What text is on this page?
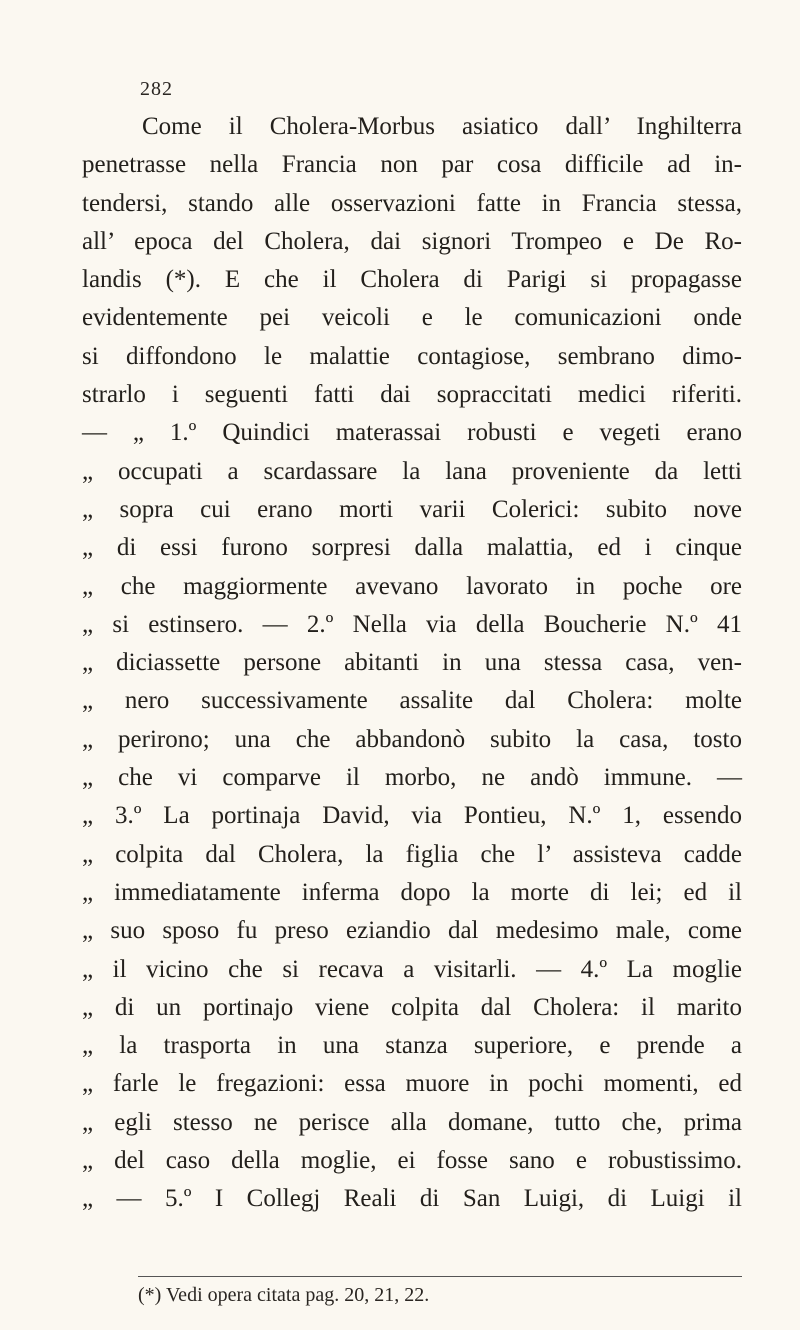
282
Come il Cholera-Morbus asiatico dall’ Inghilterra
penetrasse nella Francia non par cosa difficile ad in-
tendersi, stando alle osservazioni fatte in Francia stessa,
all’ epoca del Cholera, dai signori Trompeo e De Ro-
landis (*). E che il Cholera di Parigi si propagasse
evidentemente pei veicoli e le comunicazioni onde
si diffondono le malattie contagiose, sembrano dimo-
strarlo i seguenti fatti dai sopraccitati medici riferiti.
— „ 1.º Quindici materassai robusti e vegeti erano
„ occupati a scardassare la lana proveniente da letti
„ sopra cui erano morti varii Colerici: subito nove
„ di essi furono sorpresi dalla malattia, ed i cinque
„ che maggiormente avevano lavorato in poche ore
„ si estinsero. — 2.º Nella via della Boucherie N.º 41
„ diciassette persone abitanti in una stessa casa, ven-
„ nero successivamente assalite dal Cholera: molte
„ perirono; una che abbandonò subito la casa, tosto
„ che vi comparve il morbo, ne andò immune. —
„ 3.º La portinaja David, via Pontieu, N.º 1, essendo
„ colpita dal Cholera, la figlia che l’ assisteva cadde
„ immediatamente inferma dopo la morte di lei; ed il
„ suo sposo fu preso eziandio dal medesimo male, come
„ il vicino che si recava a visitarli. — 4.º La moglie
„ di un portinajo viene colpita dal Cholera: il marito
„ la trasporta in una stanza superiore, e prende a
„ farle le fregazioni: essa muore in pochi momenti, ed
„ egli stesso ne perisce alla domane, tutto che, prima
„ del caso della moglie, ei fosse sano e robustissimo.
„ — 5.º I Collegj Reali di San Luigi, di Luigi il
(*) Vedi opera citata pag. 20, 21, 22.
